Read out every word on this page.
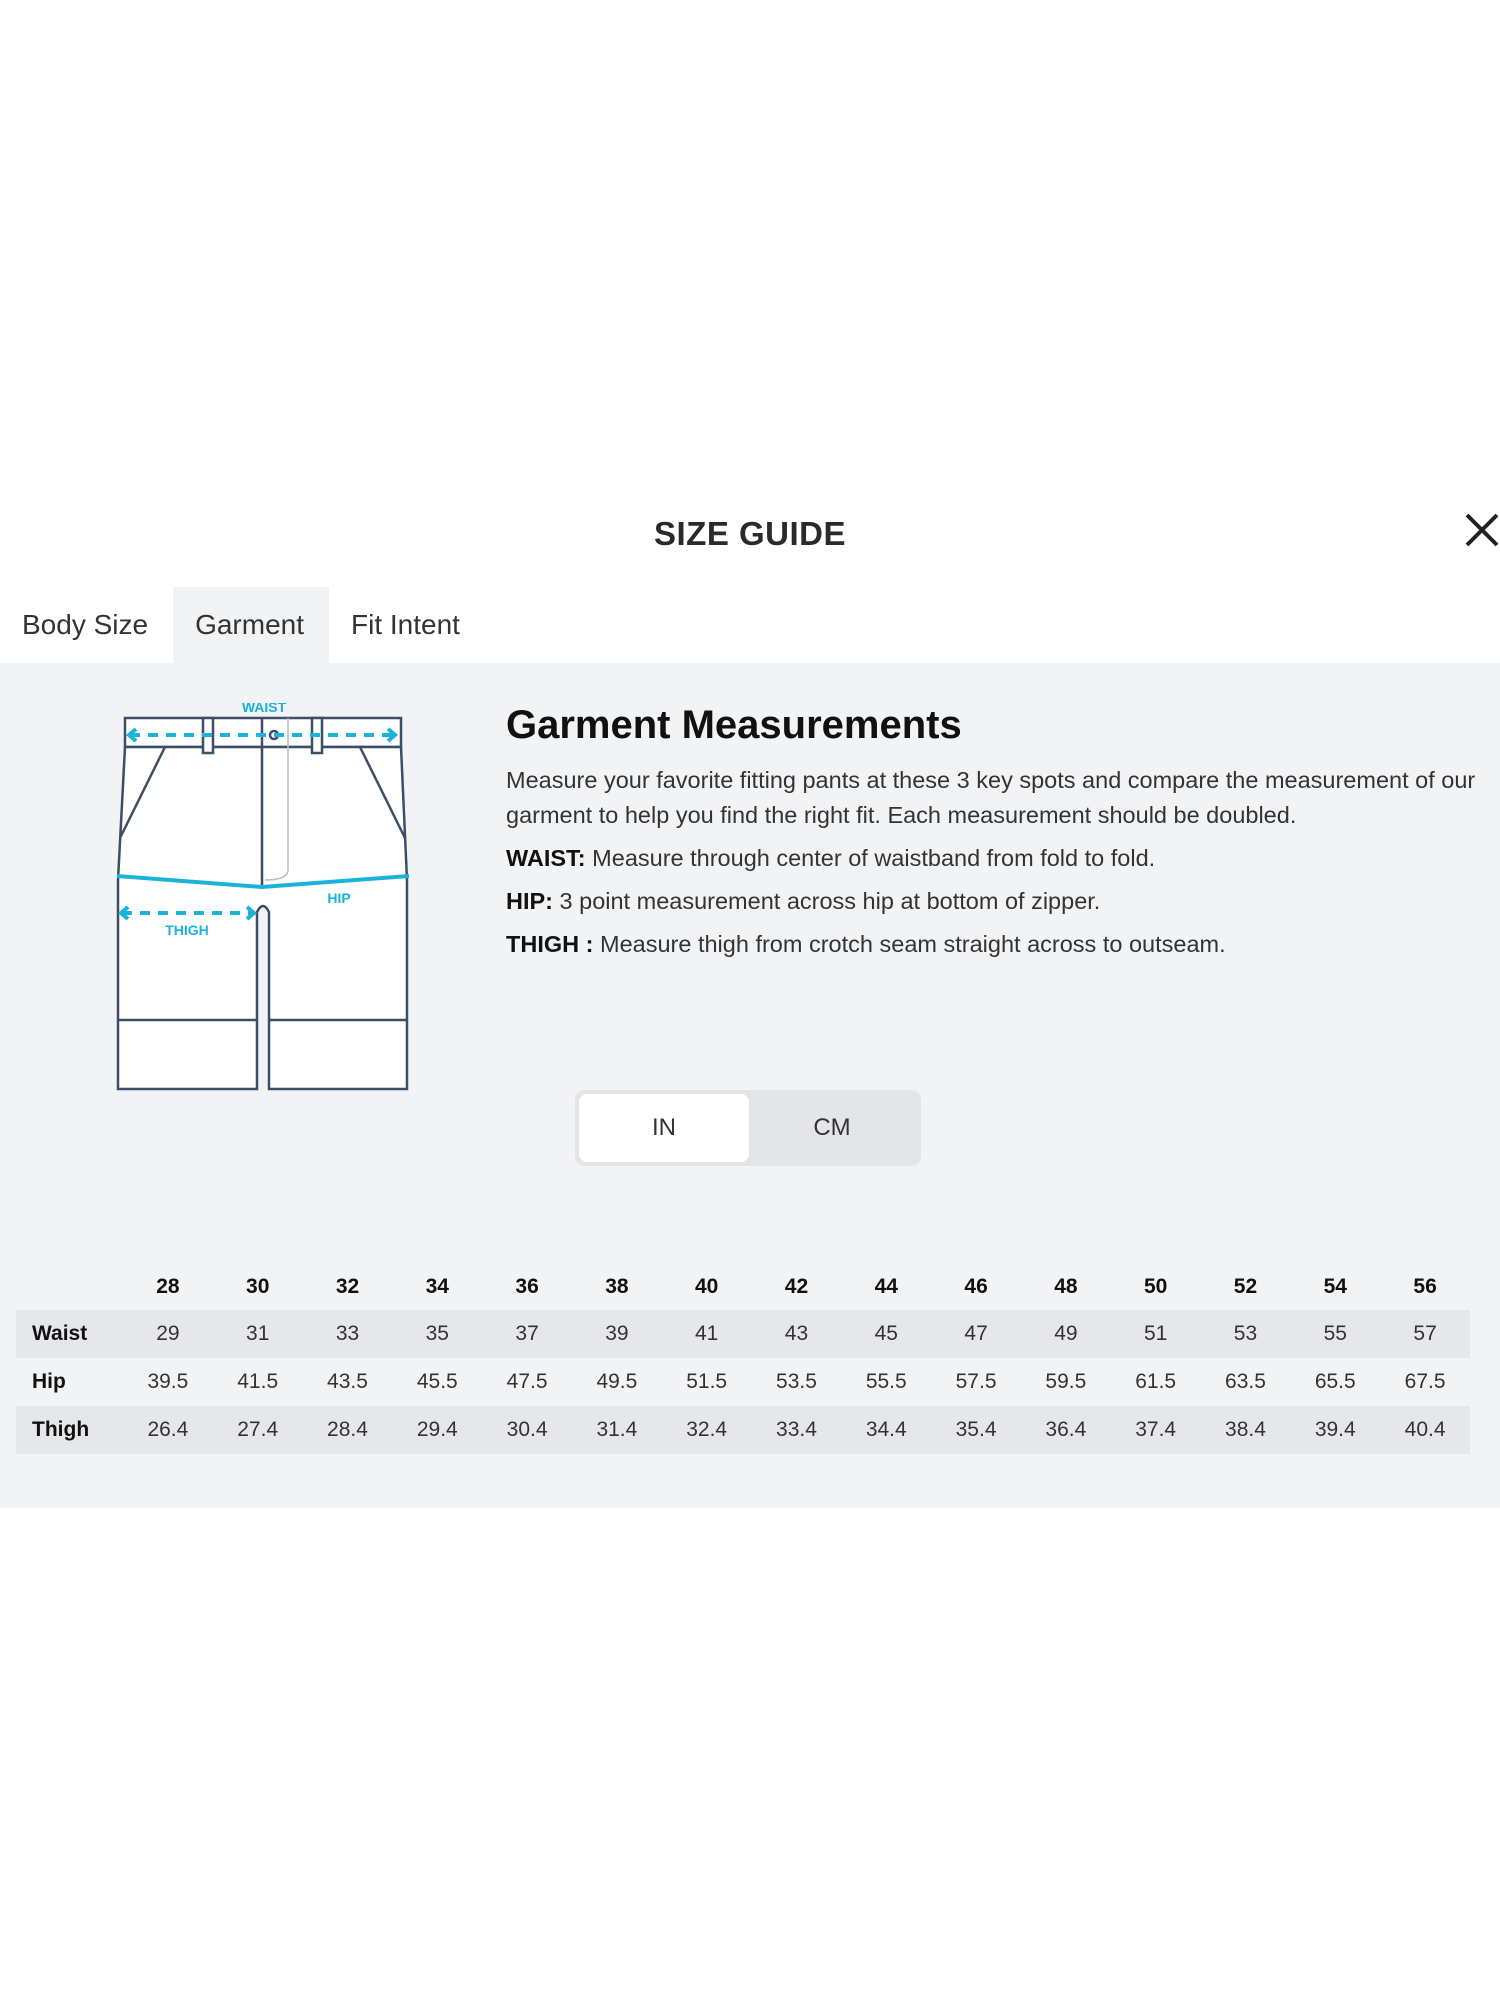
SIZE GUIDE
Body Size	Garment	Fit Intent
WAIST
HIP
THIGH
Garment Measurements

Measure your favorite fitting pants at these 3 key spots and compare the measurement of our garment to help you find the right fit. Each measurement should be doubled.

WAIST: Measure through center of waistband from fold to fold.

HIP: 3 point measurement across hip at bottom of zipper.

THIGH : Measure thigh from crotch seam straight across to outseam.

IN	CM
	28	30	32	34	36	38	40	42	44	46	48	50	52	54	56
Waist	29	31	33	35	37	39	41	43	45	47	49	51	53	55	57
Hip	39.5	41.5	43.5	45.5	47.5	49.5	51.5	53.5	55.5	57.5	59.5	61.5	63.5	65.5	67.5
Thigh	26.4	27.4	28.4	29.4	30.4	31.4	32.4	33.4	34.4	35.4	36.4	37.4	38.4	39.4	40.4
